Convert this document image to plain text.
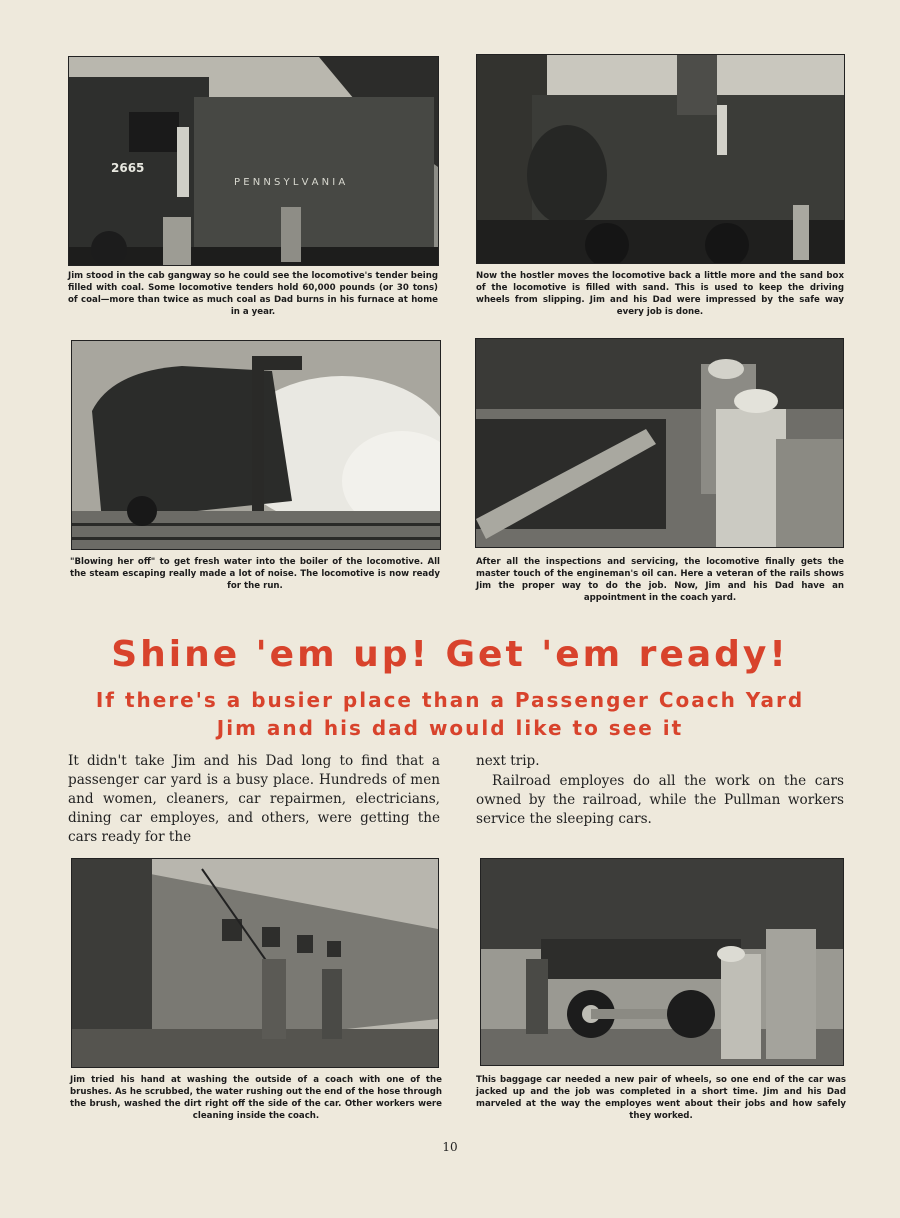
2665
P E N N S Y L V A N I A
Jim stood in the cab gangway so he could see the locomotive's tender being filled with coal. Some locomotive tenders hold 60,000 pounds (or 30 tons) of coal—more than twice as much coal as Dad burns in his furnace at home in a year.
Now the hostler moves the locomotive back a little more and the sand box of the locomotive is filled with sand. This is used to keep the driving wheels from slipping. Jim and his Dad were impressed by the safe way every job is done.
"Blowing her off" to get fresh water into the boiler of the locomotive. All the steam escaping really made a lot of noise. The locomotive is now ready for the run.
After all the inspections and servicing, the locomotive finally gets the master touch of the engineman's oil can. Here a veteran of the rails shows Jim the proper way to do the job. Now, Jim and his Dad have an appointment in the coach yard.
Shine 'em up! Get 'em ready!
If there's a busier place than a Passenger Coach Yard
Jim and his dad would like to see it
It didn't take Jim and his Dad long to find that a passenger car yard is a busy place. Hundreds of men and women, cleaners, car repairmen, electricians, dining car employes, and others, were getting the cars ready for the
next trip.
Railroad employes do all the work on the cars owned by the railroad, while the Pullman workers service the sleeping cars.
Jim tried his hand at washing the outside of a coach with one of the brushes. As he scrubbed, the water rushing out the end of the hose through the brush, washed the dirt right off the side of the car. Other workers were cleaning inside the coach.
This baggage car needed a new pair of wheels, so one end of the car was jacked up and the job was completed in a short time. Jim and his Dad marveled at the way the employes went about their jobs and how safely they worked.
10
